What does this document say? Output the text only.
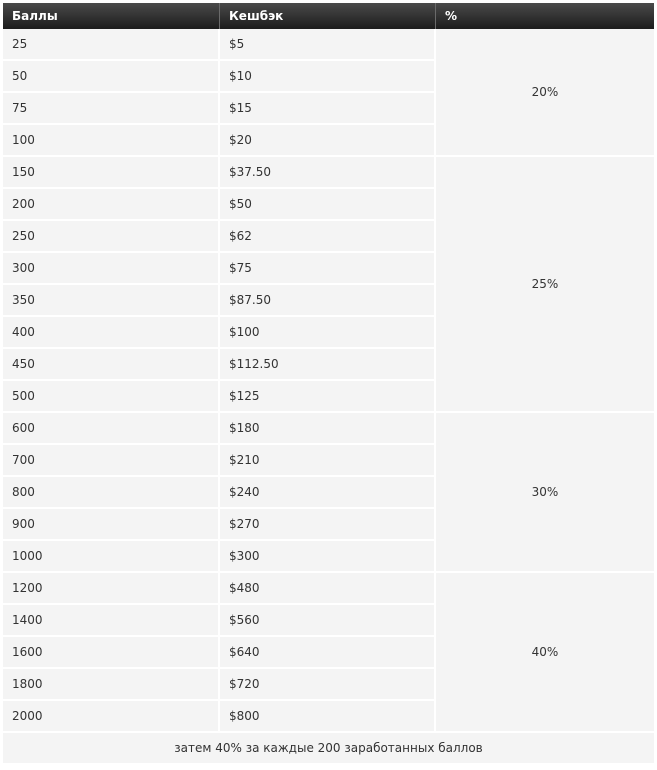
Баллы	Кешбэк	%
25	$5	20%
50	$10	
75	$15	
100	$20	
150	$37.50	25%
200	$50	
250	$62	
300	$75	
350	$87.50	
400	$100	
450	$112.50	
500	$125	
600	$180	30%
700	$210	
800	$240	
900	$270	
1000	$300	
1200	$480	40%
1400	$560	
1600	$640	
1800	$720	
2000	$800	
затем 40% за каждые 200 заработанных баллов		
